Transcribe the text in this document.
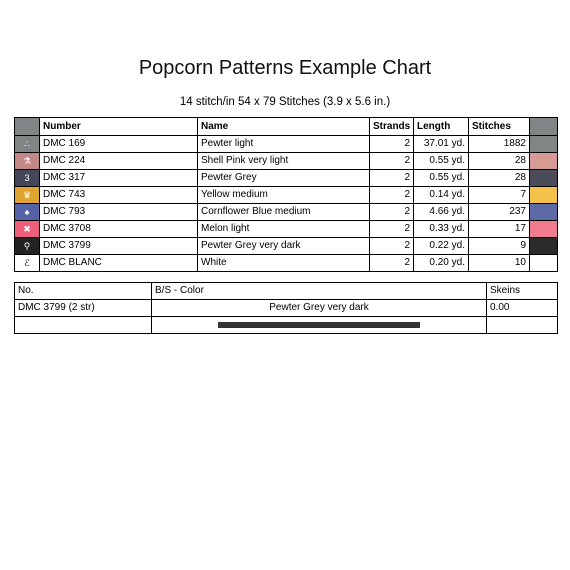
Popcorn Patterns Example Chart
14 stitch/in 54 x 79 Stitches (3.9 x 5.6 in.)
	Number	Name	Strands	Length	Stitches	
∴	DMC 169	Pewter light	2	37.01 yd.	1882	
⚗	DMC 224	Shell Pink very light	2	0.55 yd.	28	
3	DMC 317	Pewter Grey	2	0.55 yd.	28	
♛	DMC 743	Yellow medium	2	0.14 yd.	7	
♠	DMC 793	Cornflower Blue medium	2	4.66 yd.	237	
✖	DMC 3708	Melon light	2	0.33 yd.	17	
⚲	DMC 3799	Pewter Grey very dark	2	0.22 yd.	9	
ℰ	DMC BLANC	White	2	0.20 yd.	10	
No.	B/S - Color	Skeins
DMC 3799 (2 str)	Pewter Grey very dark	0.00
